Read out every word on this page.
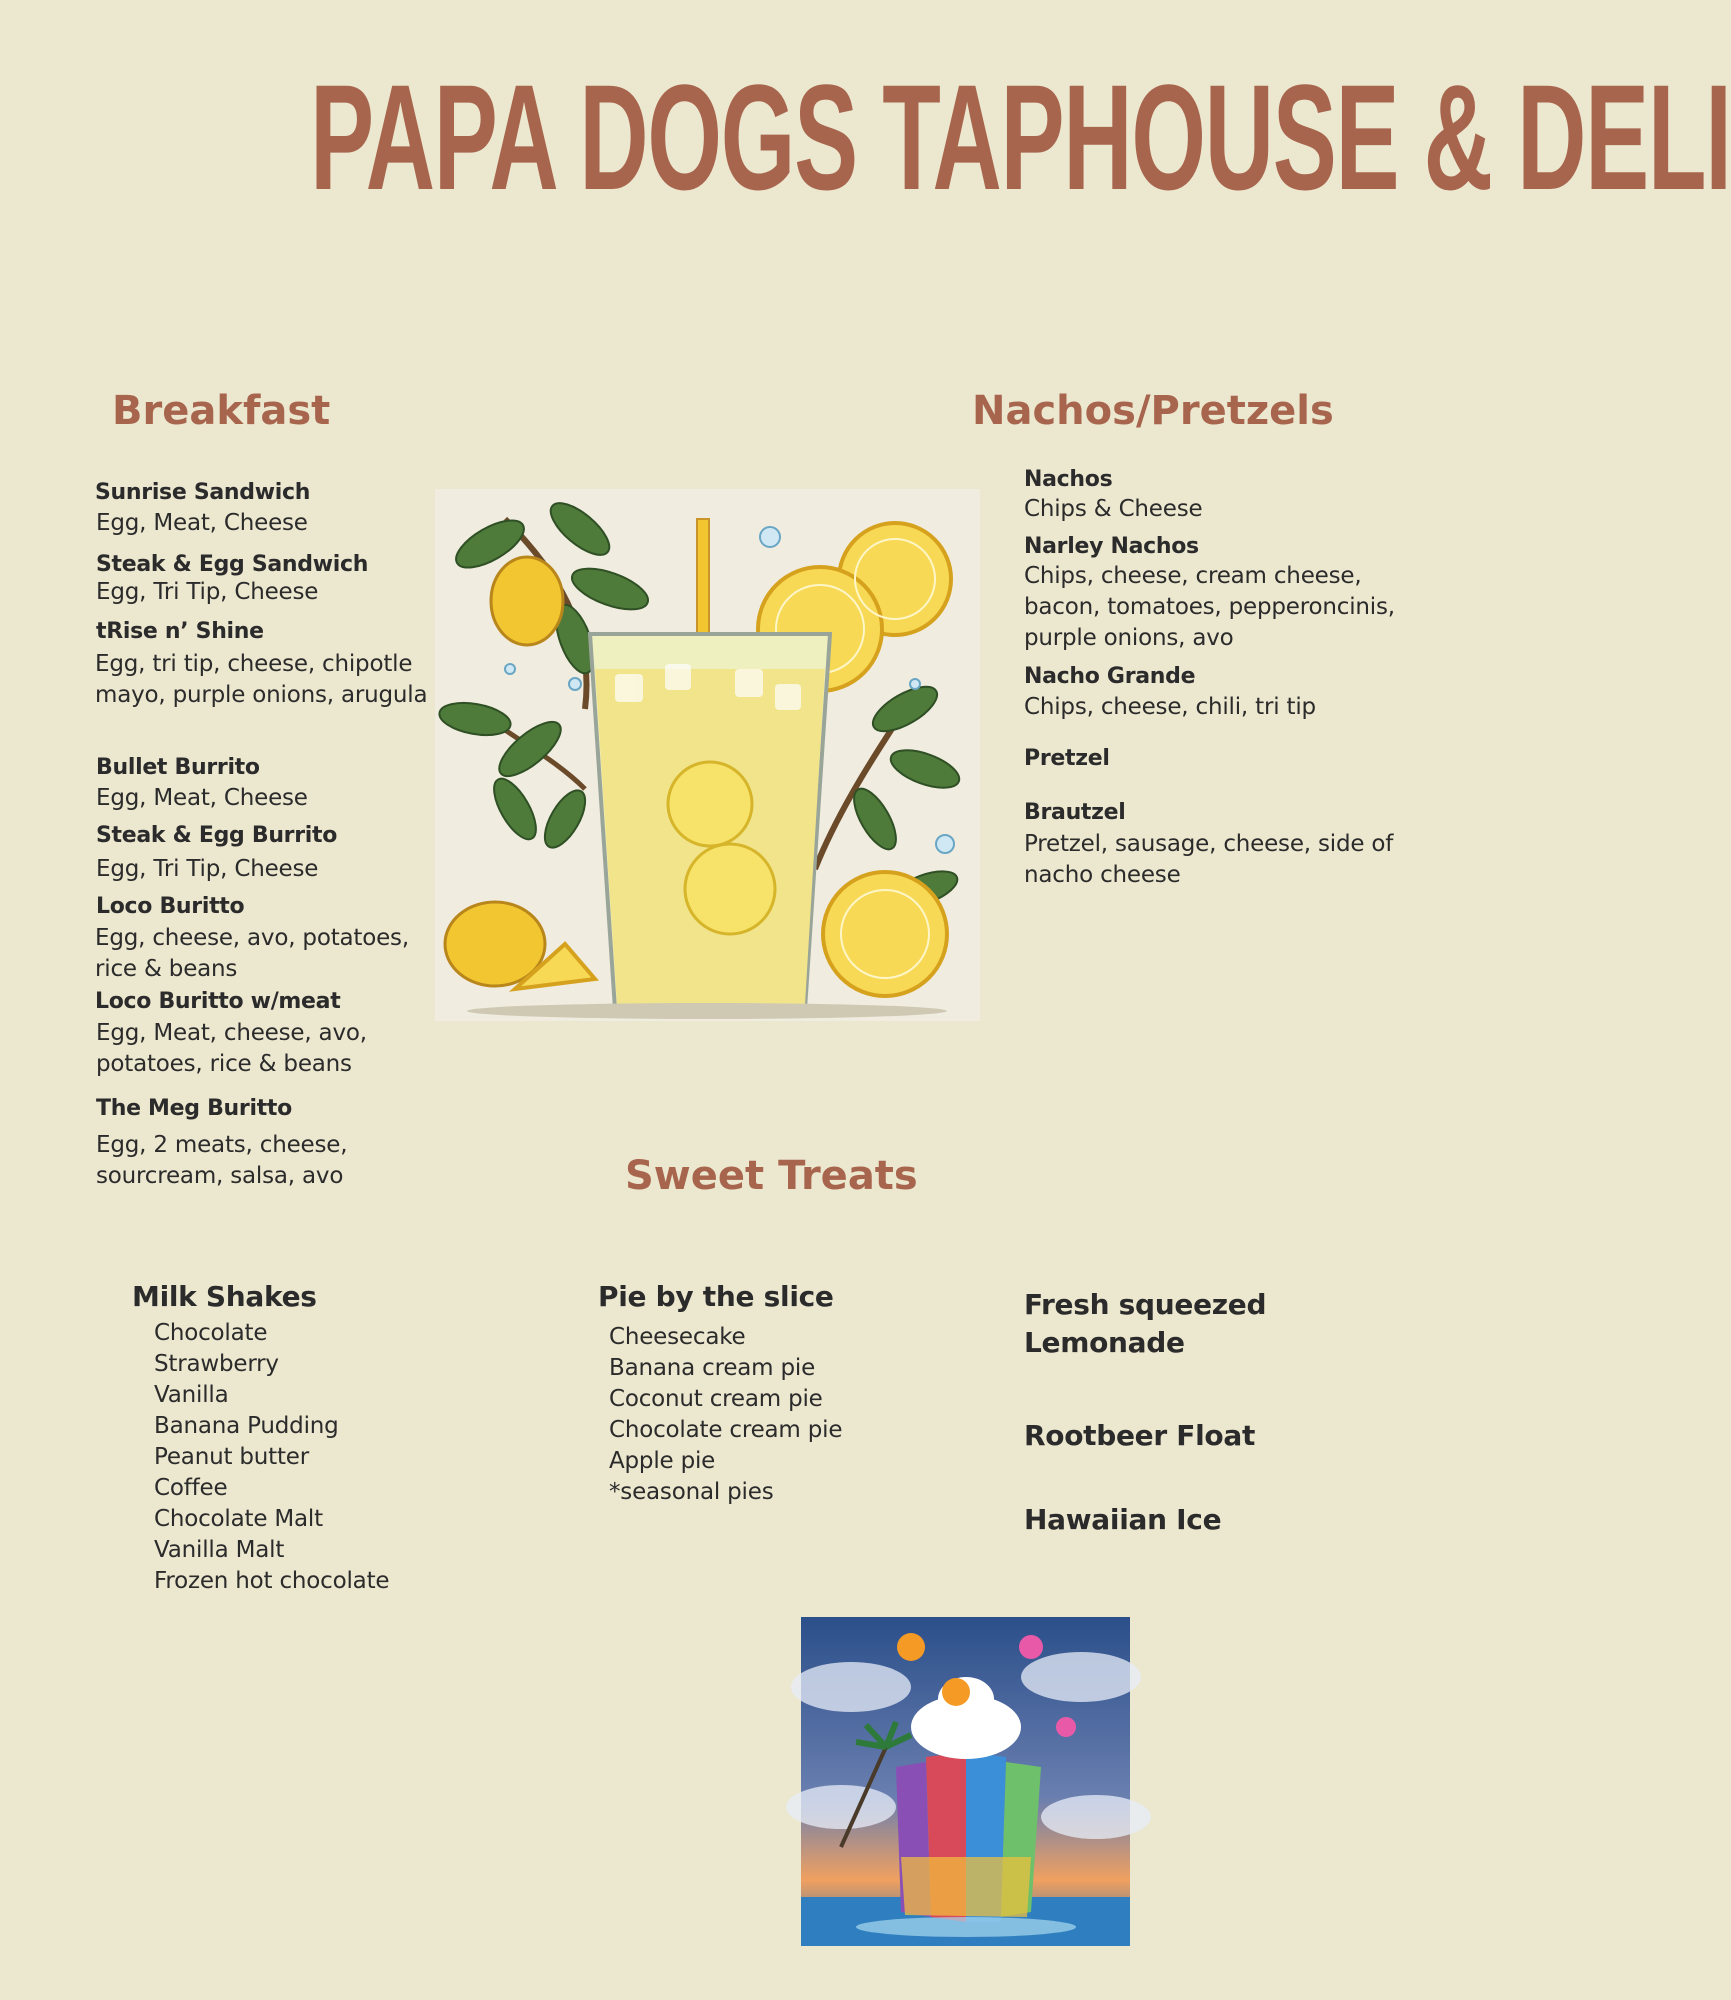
PAPA DOGS TAPHOUSE & DELI
Breakfast
Sunrise Sandwich
Egg, Meat, Cheese
Steak & Egg Sandwich
Egg, Tri Tip, Cheese
tRise n’ Shine
Egg, tri tip, cheese, chipotle mayo, purple onions, arugula
Bullet Burrito
Egg, Meat, Cheese
Steak & Egg Burrito
Egg, Tri Tip, Cheese
Loco Buritto
Egg, cheese, avo, potatoes, rice & beans
Loco Buritto w/meat
Egg, Meat, cheese, avo, potatoes, rice & beans
The Meg Buritto
Egg, 2 meats, cheese, sourcream, salsa, avo
Nachos/Pretzels
Nachos
Chips & Cheese
Narley Nachos
Chips, cheese, cream cheese, bacon, tomatoes, pepperoncinis, purple onions, avo
Nacho Grande
Chips, cheese, chili, tri tip
Pretzel
Brautzel
Pretzel, sausage, cheese, side of nacho cheese
Sweet Treats
Milk Shakes
Chocolate
Strawberry
Vanilla
Banana Pudding
Peanut butter
Coffee
Chocolate Malt
Vanilla Malt
Frozen hot chocolate
Pie by the slice
Cheesecake
Banana cream pie
Coconut cream pie
Chocolate cream pie
Apple pie
*seasonal pies
Fresh squeezed Lemonade
Rootbeer Float
Hawaiian Ice
